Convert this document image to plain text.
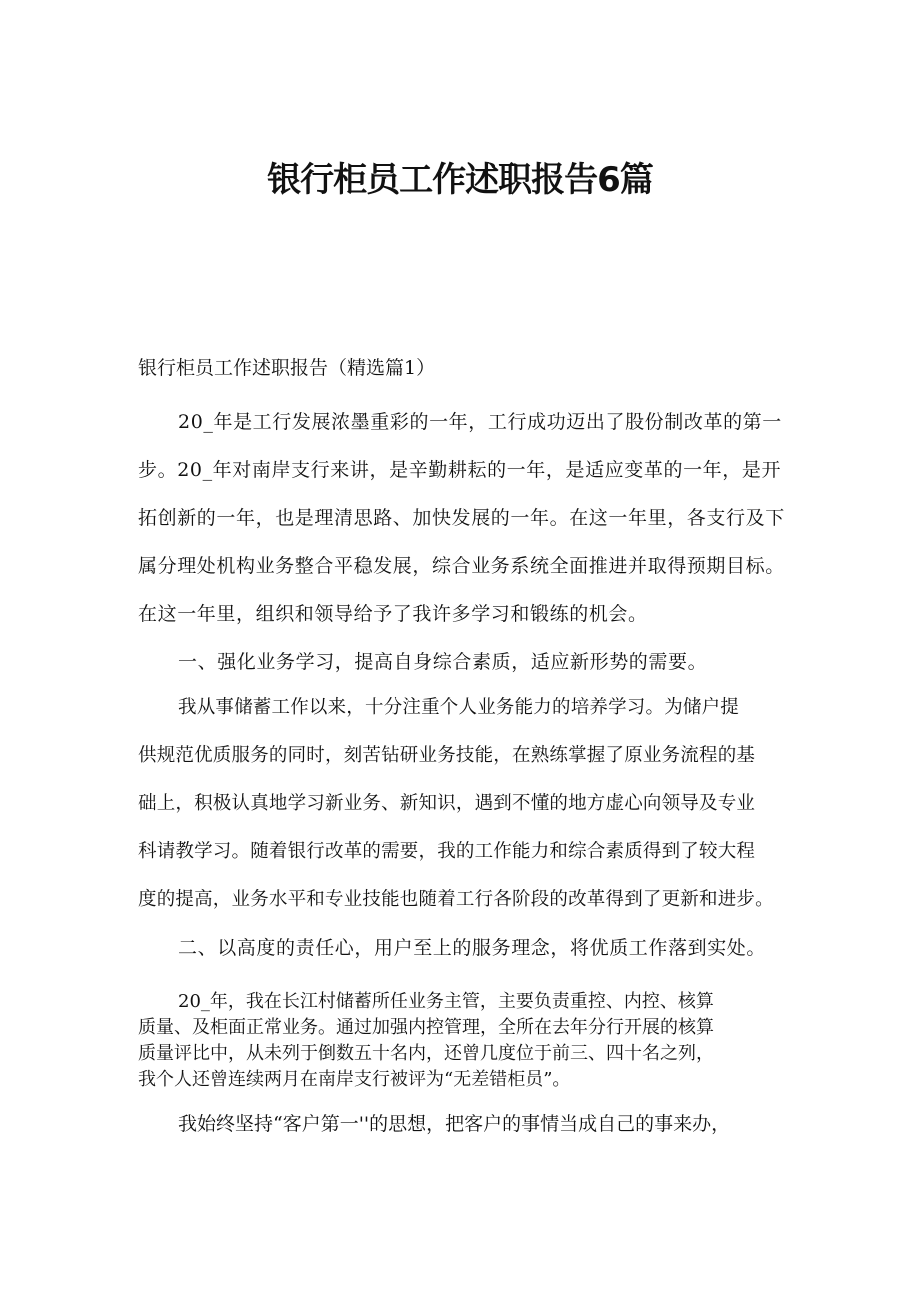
银行柜员工作述职报告6篇
银行柜员工作述职报告（精选篇1）
20_年是工行发展浓墨重彩的一年，工行成功迈出了股份制改革的第一
步。20_年对南岸支行来讲，是辛勤耕耘的一年，是适应变革的一年，是开
拓创新的一年，也是理清思路、加快发展的一年。在这一年里，各支行及下
属分理处机构业务整合平稳发展，综合业务系统全面推进并取得预期目标。
在这一年里，组织和领导给予了我许多学习和锻练的机会。
一、强化业务学习，提高自身综合素质，适应新形势的需要。
我从事储蓄工作以来，十分注重个人业务能力的培养学习。为储户提
供规范优质服务的同时，刻苦钻研业务技能，在熟练掌握了原业务流程的基
础上，积极认真地学习新业务、新知识，遇到不懂的地方虚心向领导及专业
科请教学习。随着银行改革的需要，我的工作能力和综合素质得到了较大程
度的提高，业务水平和专业技能也随着工行各阶段的改革得到了更新和进步。
二、以高度的责任心，用户至上的服务理念，将优质工作落到实处。
20_年，我在长江村储蓄所任业务主管，主要负责重控、内控、核算
质量、及柜面正常业务。通过加强内控管理，全所在去年分行开展的核算
质量评比中，从未列于倒数五十名内，还曾几度位于前三、四十名之列，
我个人还曾连续两月在南岸支行被评为“无差错柜员”。
我始终坚持“客户第一''的思想，把客户的事情当成自己的事来办，
